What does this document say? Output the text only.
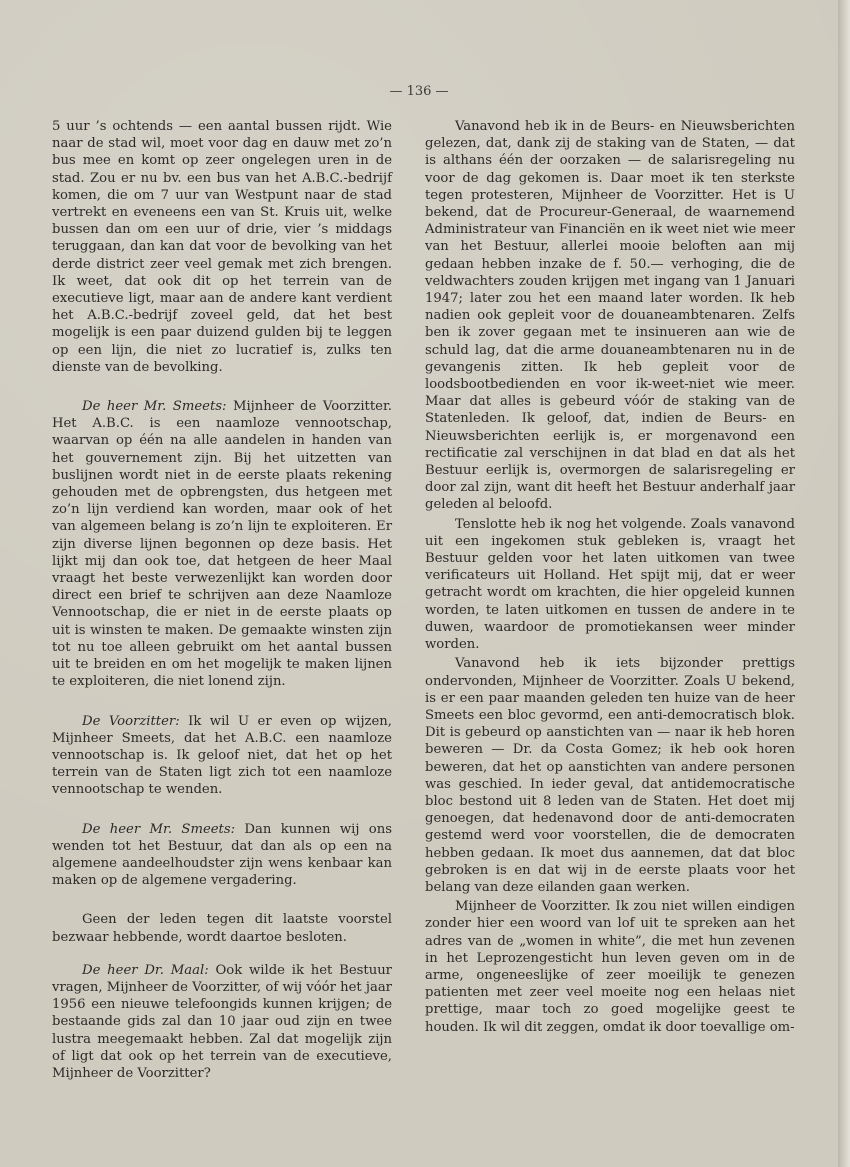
— 136 —

5 uur ’s ochtends — een aantal bussen rijdt. Wie naar de stad wil, moet voor dag en dauw met zo’n bus mee en komt op zeer ongelegen uren in de stad. Zou er nu bv. een bus van het A.B.C.-bedrijf komen, die om 7 uur van Westpunt naar de stad vertrekt en eveneens een van St. Kruis uit, welke bussen dan om een uur of drie, vier ’s middags teruggaan, dan kan dat voor de bevolking van het derde district zeer veel gemak met zich brengen. Ik weet, dat ook dit op het terrein van de executieve ligt, maar aan de andere kant verdient het A.B.C.-bedrijf zoveel geld, dat het best mogelijk is een paar duizend gulden bij te leggen op een lijn, die niet zo lucratief is, zulks ten dienste van de bevolking.

De heer Mr. Smeets: Mijnheer de Voorzitter. Het A.B.C. is een naamloze vennootschap, waarvan op één na alle aandelen in handen van het gouvernement zijn. Bij het uitzetten van buslijnen wordt niet in de eerste plaats rekening gehouden met de opbrengsten, dus hetgeen met zo’n lijn verdiend kan worden, maar ook of het van algemeen belang is zo’n lijn te exploiteren. Er zijn diverse lijnen begonnen op deze basis. Het lijkt mij dan ook toe, dat hetgeen de heer Maal vraagt het beste verwezenlijkt kan worden door direct een brief te schrijven aan deze Naamloze Vennootschap, die er niet in de eerste plaats op uit is winsten te maken. De gemaakte winsten zijn tot nu toe alleen gebruikt om het aantal bussen uit te breiden en om het mogelijk te maken lijnen te exploiteren, die niet lonend zijn.

De Voorzitter: Ik wil U er even op wijzen, Mijnheer Smeets, dat het A.B.C. een naamloze vennootschap is. Ik geloof niet, dat het op het terrein van de Staten ligt zich tot een naamloze vennootschap te wenden.

De heer Mr. Smeets: Dan kunnen wij ons wenden tot het Bestuur, dat dan als op een na algemene aandeelhoudster zijn wens kenbaar kan maken op de algemene vergadering.

Geen der leden tegen dit laatste voorstel bezwaar hebbende, wordt daartoe besloten.

De heer Dr. Maal: Ook wilde ik het Bestuur vragen, Mijnheer de Voorzitter, of wij vóór het jaar 1956 een nieuwe telefoongids kunnen krijgen; de bestaande gids zal dan 10 jaar oud zijn en twee lustra meegemaakt hebben. Zal dat mogelijk zijn of ligt dat ook op het terrein van de executieve, Mijnheer de Voorzitter?

Vanavond heb ik in de Beurs- en Nieuwsberichten gelezen, dat, dank zij de staking van de Staten, — dat is althans één der oorzaken — de salarisregeling nu voor de dag gekomen is. Daar moet ik ten sterkste tegen protesteren, Mijnheer de Voorzitter. Het is U bekend, dat de Procureur-Generaal, de waarnemend Administrateur van Financiën en ik weet niet wie meer van het Bestuur, allerlei mooie beloften aan mij gedaan hebben inzake de f. 50.— verhoging, die de veldwachters zouden krijgen met ingang van 1 Januari 1947; later zou het een maand later worden. Ik heb nadien ook gepleit voor de douaneambtenaren. Zelfs ben ik zover gegaan met te insinueren aan wie de schuld lag, dat die arme douaneambtenaren nu in de gevangenis zitten. Ik heb gepleit voor de loodsbootbedienden en voor ik-weet-niet wie meer. Maar dat alles is gebeurd vóór de staking van de Statenleden. Ik geloof, dat, indien de Beurs- en Nieuwsberichten eerlijk is, er morgenavond een rectificatie zal verschijnen in dat blad en dat als het Bestuur eerlijk is, overmorgen de salarisregeling er door zal zijn, want dit heeft het Bestuur anderhalf jaar geleden al beloofd.

Tenslotte heb ik nog het volgende. Zoals vanavond uit een ingekomen stuk gebleken is, vraagt het Bestuur gelden voor het laten uitkomen van twee verificateurs uit Holland. Het spijt mij, dat er weer getracht wordt om krachten, die hier opgeleid kunnen worden, te laten uitkomen en tussen de andere in te duwen, waardoor de promotiekansen weer minder worden.

Vanavond heb ik iets bijzonder prettigs ondervonden, Mijnheer de Voorzitter. Zoals U bekend, is er een paar maanden geleden ten huize van de heer Smeets een bloc gevormd, een anti-democratisch blok. Dit is gebeurd op aanstichten van — naar ik heb horen beweren — Dr. da Costa Gomez; ik heb ook horen beweren, dat het op aanstichten van andere personen was geschied. In ieder geval, dat antidemocratische bloc bestond uit 8 leden van de Staten. Het doet mij genoegen, dat hedenavond door de anti-democraten gestemd werd voor voorstellen, die de democraten hebben gedaan. Ik moet dus aannemen, dat dat bloc gebroken is en dat wij in de eerste plaats voor het belang van deze eilanden gaan werken.

Mijnheer de Voorzitter. Ik zou niet willen eindigen zonder hier een woord van lof uit te spreken aan het adres van de „women in white”, die met hun zevenen in het Leprozengesticht hun leven geven om in de arme, ongeneeslijke of zeer moeilijk te genezen patienten met zeer veel moeite nog een helaas niet prettige, maar toch zo goed mogelijke geest te houden. Ik wil dit zeggen, omdat ik door toevallige om-
